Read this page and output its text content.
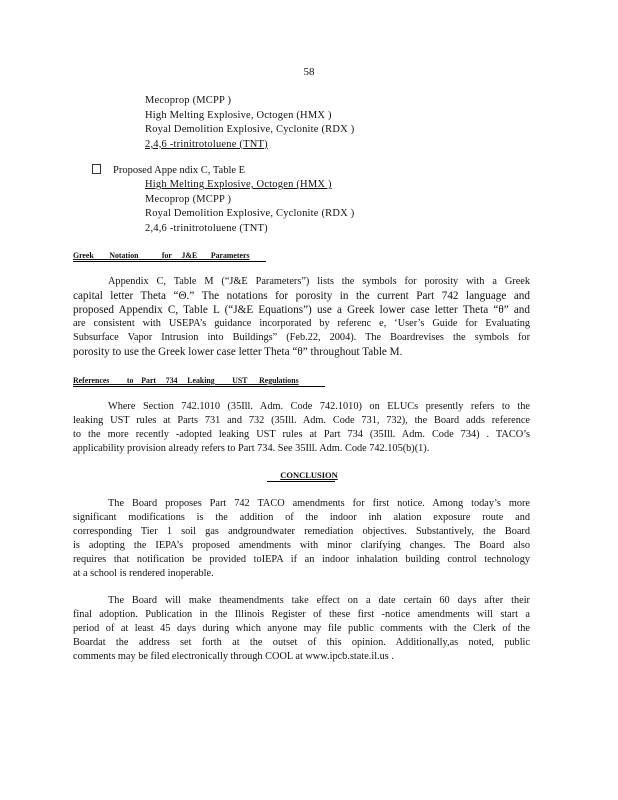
58
Mecoprop (MCPP )
High Melting Explosive, Octogen (HMX )
Royal Demolition Explosive, Cyclonite (RDX )
2,4,6 -trinitrotoluene (TNT)
Proposed Appe ndix C, Table E
High Melting Explosive, Octogen (HMX )
Mecoprop (MCPP )
Royal Demolition Explosive, Cyclonite (RDX )
2,4,6 -trinitrotoluene (TNT)
Greek        Notation            for     J&E       Parameters
Appendix C, Table M (“J&E Parameters”) lists the symbols for porosity with a Greek
capital letter Theta “Θ.” The notations for porosity in the current Part 742 language and
proposed Appendix C, Table L (“J&E Equations”) use a Greek lower case letter Theta “θ” and
are consistent with USEPA’s guidance incorporated by referenc e, ‘User’s Guide for Evaluating
Subsurface Vapor Intrusion into Buildings” (Feb.22, 2004). The Boardrevises the symbols for
porosity to use the Greek lower case letter Theta “θ” throughout Table M.
References         to    Part     734     Leaking         UST      Regulations
Where Section 742.1010 (35Ill. Adm. Code 742.1010) on ELUCs presently refers to the
leaking UST rules at Parts 731 and 732 (35Ill. Adm. Code 731, 732), the Board adds reference
to the more recently -adopted leaking UST rules at Part 734 (35Ill. Adm. Code 734) . TACO’s
applicability provision already refers to Part 734. See 35Ill. Adm. Code 742.105(b)(1).
CONCLUSION
The Board proposes Part 742 TACO amendments for first notice. Among today’s more
significant modifications is the addition of the indoor inh alation exposure route and
corresponding Tier 1 soil gas andgroundwater remediation objectives. Substantively, the Board
is adopting the IEPA’s proposed amendments with minor clarifying changes. The Board also
requires that notification be provided toIEPA if an indoor inhalation building control technology
at a school is rendered inoperable.
The Board will make theamendments take effect on a date certain 60 days after their
final adoption. Publication in the Illinois Register of these first -notice amendments will start a
period of at least 45 days during which anyone may file public comments with the Clerk of the
Boardat the address set forth at the outset of this opinion. Additionally,as noted, public
comments may be filed electronically through COOL at www.ipcb.state.il.us .
